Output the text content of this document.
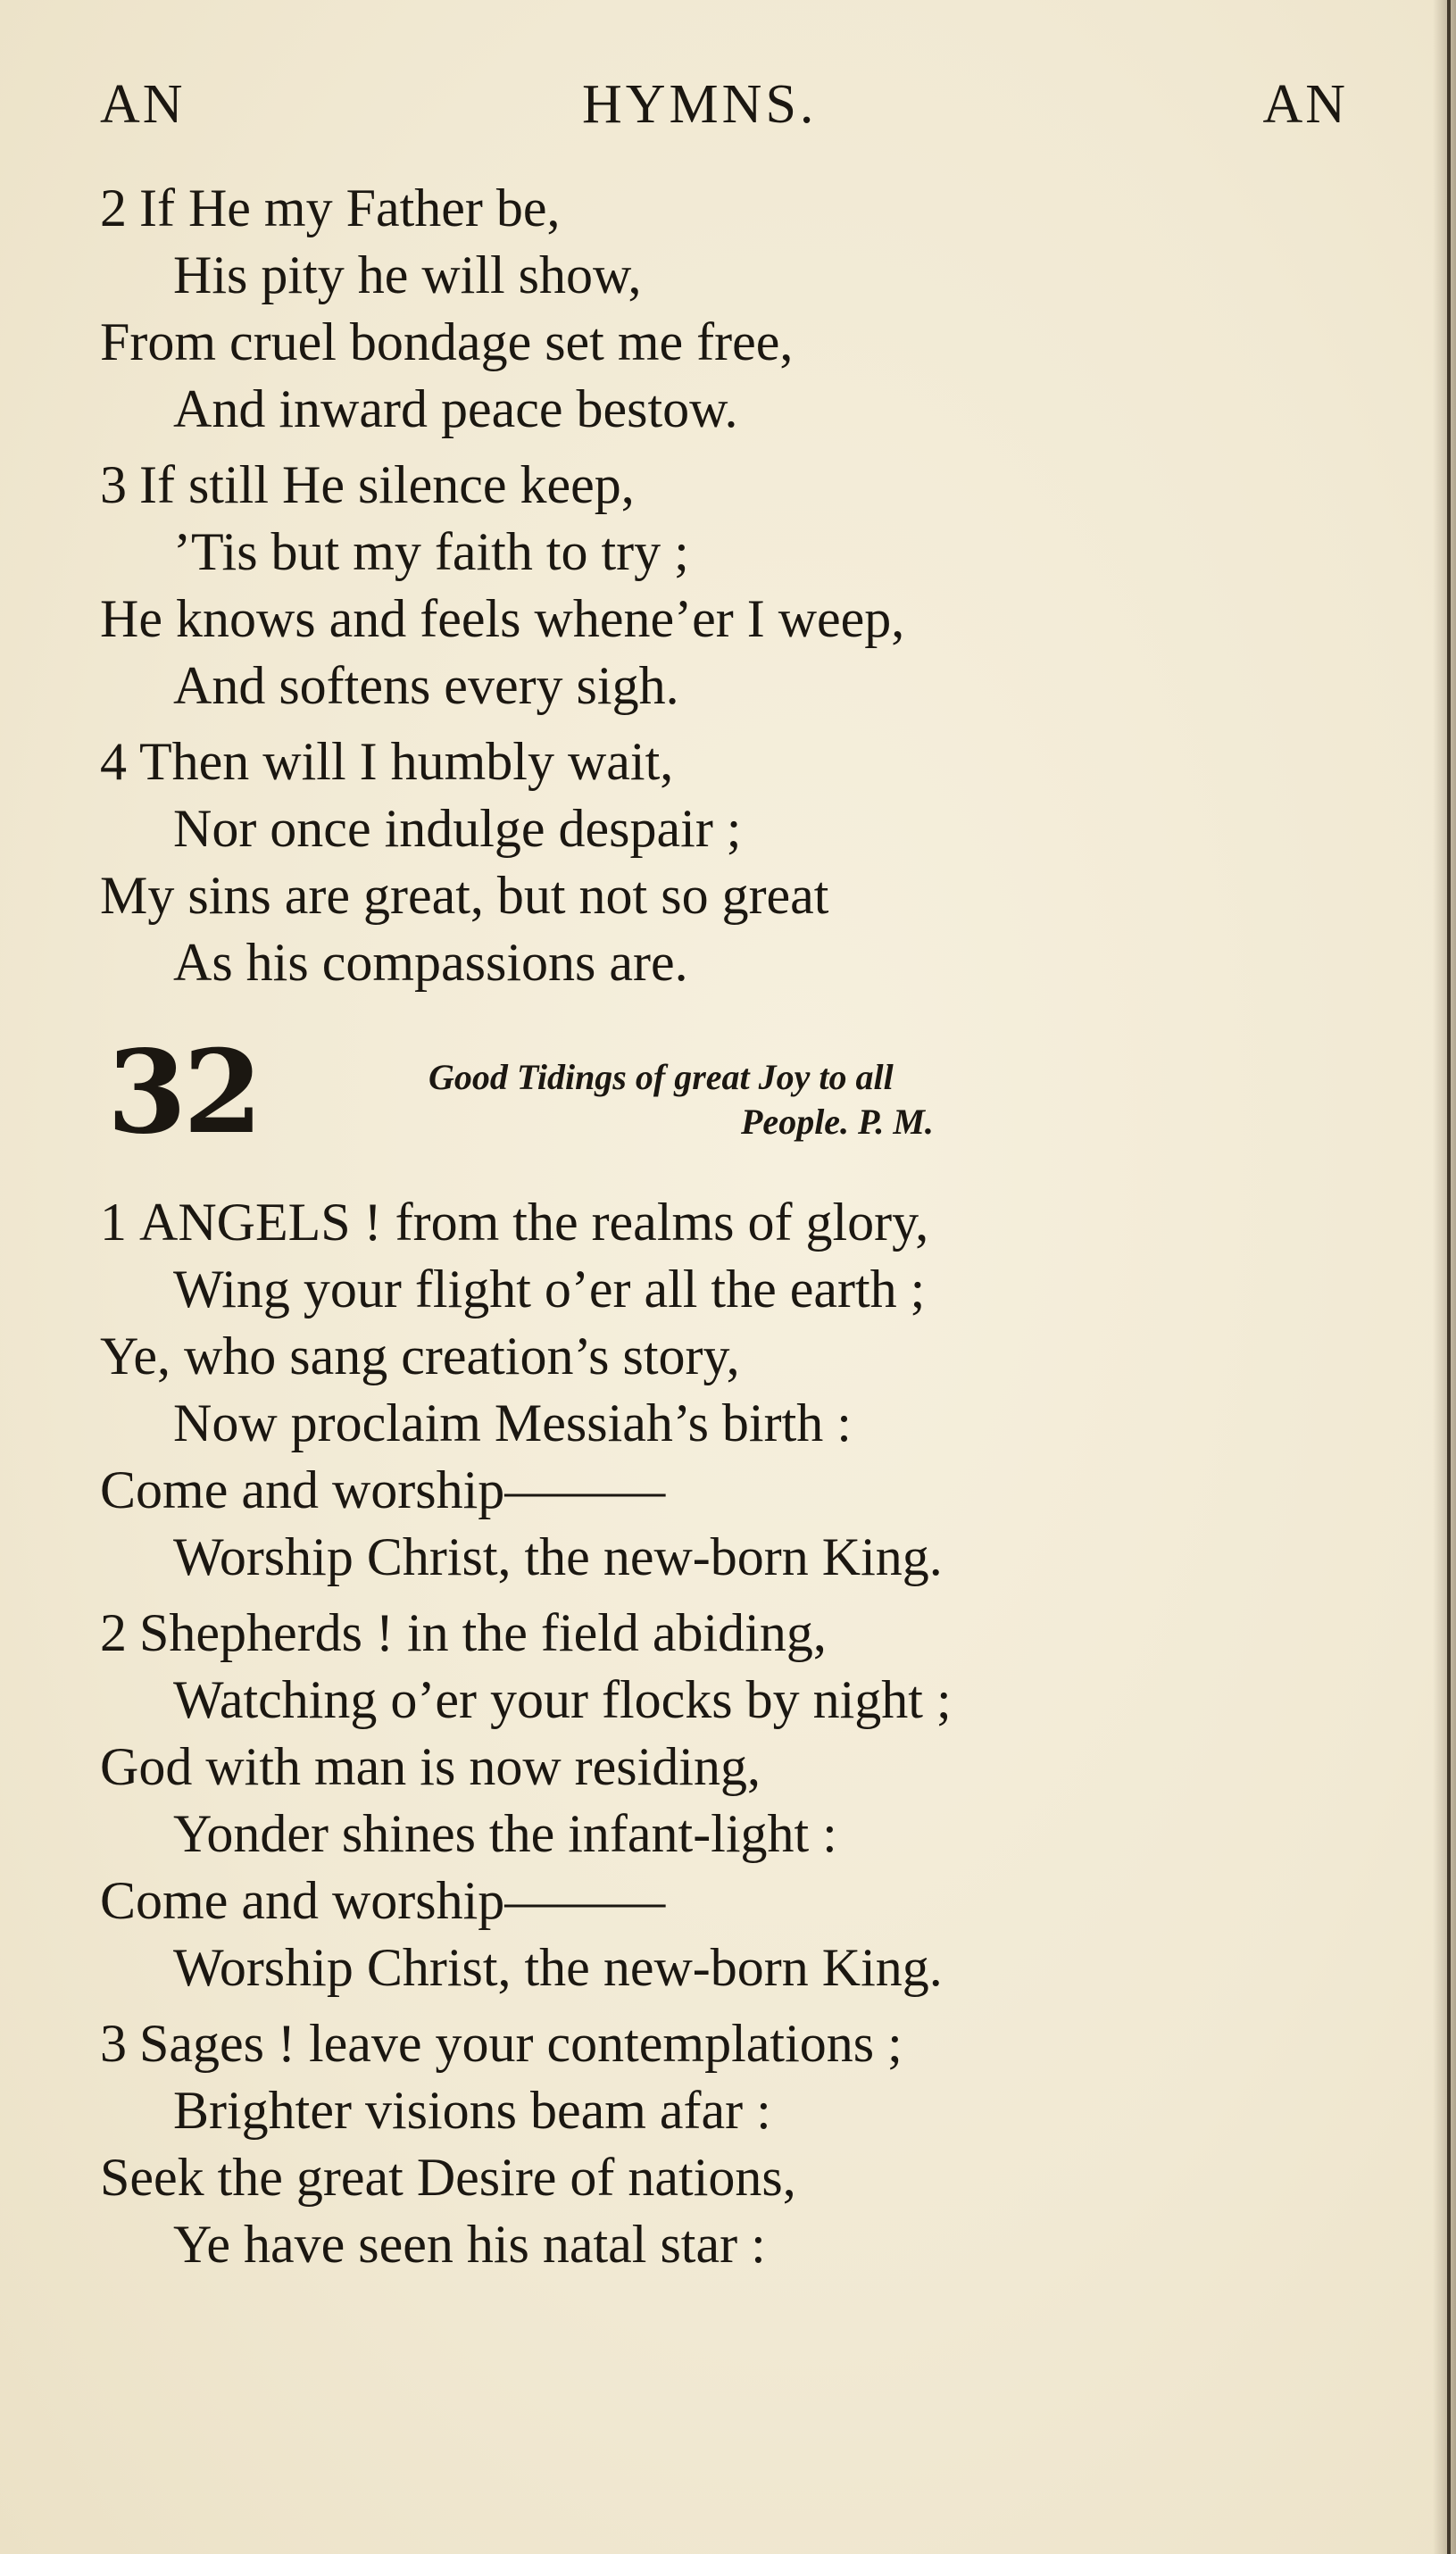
AN	HYMNS.	AN
2 If He my Father be,
His pity he will show,
From cruel bondage set me free,
And inward peace bestow.
3 If still He silence keep,
’Tis but my faith to try ;
He knows and feels whene’er I weep,
And softens every sigh.
4 Then will I humbly wait,
Nor once indulge despair ;
My sins are great, but not so great
As his compassions are.
32	Good Tidings of great Joy to all
People. P. M.
1 ANGELS ! from the realms of glory,
Wing your flight o’er all the earth ;
Ye, who sang creation’s story,
Now proclaim Messiah’s birth :
Come and worship———
Worship Christ, the new-born King.
2 Shepherds ! in the field abiding,
Watching o’er your flocks by night ;
God with man is now residing,
Yonder shines the infant-light :
Come and worship———
Worship Christ, the new-born King.
3 Sages ! leave your contemplations ;
Brighter visions beam afar :
Seek the great Desire of nations,
Ye have seen his natal star :
